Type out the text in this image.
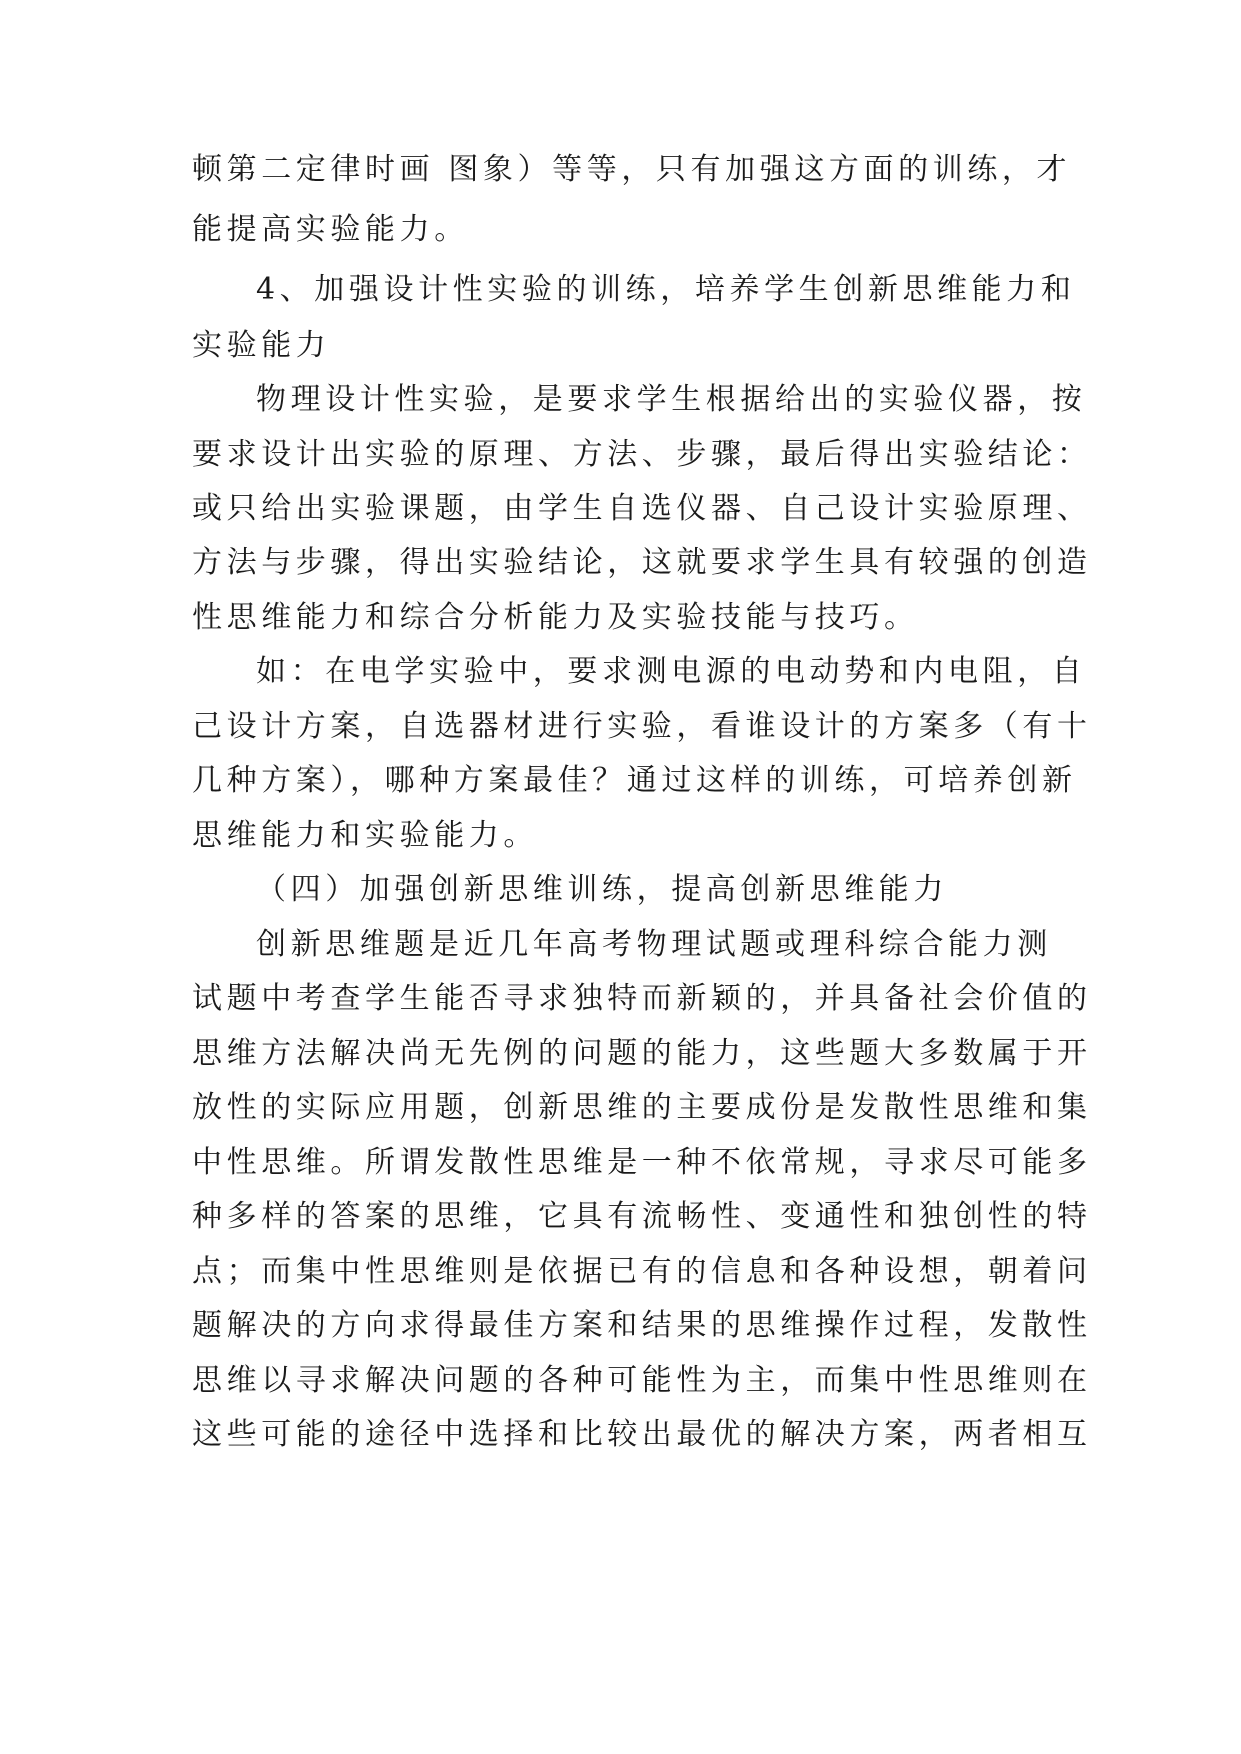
顿第二定律时画 图象）等等，只有加强这方面的训练，才
能提高实验能力。
4、加强设计性实验的训练，培养学生创新思维能力和
实验能力
物理设计性实验，是要求学生根据给出的实验仪器，按
要求设计出实验的原理、方法、步骤，最后得出实验结论：
或只给出实验课题，由学生自选仪器、自己设计实验原理、
方法与步骤，得出实验结论，这就要求学生具有较强的创造
性思维能力和综合分析能力及实验技能与技巧。
如：在电学实验中，要求测电源的电动势和内电阻，自
己设计方案，自选器材进行实验，看谁设计的方案多（有十
几种方案），哪种方案最佳？通过这样的训练，可培养创新
思维能力和实验能力。
（四）加强创新思维训练，提高创新思维能力
创新思维题是近几年高考物理试题或理科综合能力测
试题中考查学生能否寻求独特而新颖的，并具备社会价值的
思维方法解决尚无先例的问题的能力，这些题大多数属于开
放性的实际应用题，创新思维的主要成份是发散性思维和集
中性思维。所谓发散性思维是一种不依常规，寻求尽可能多
种多样的答案的思维，它具有流畅性、变通性和独创性的特
点；而集中性思维则是依据已有的信息和各种设想，朝着问
题解决的方向求得最佳方案和结果的思维操作过程，发散性
思维以寻求解决问题的各种可能性为主，而集中性思维则在
这些可能的途径中选择和比较出最优的解决方案，两者相互
